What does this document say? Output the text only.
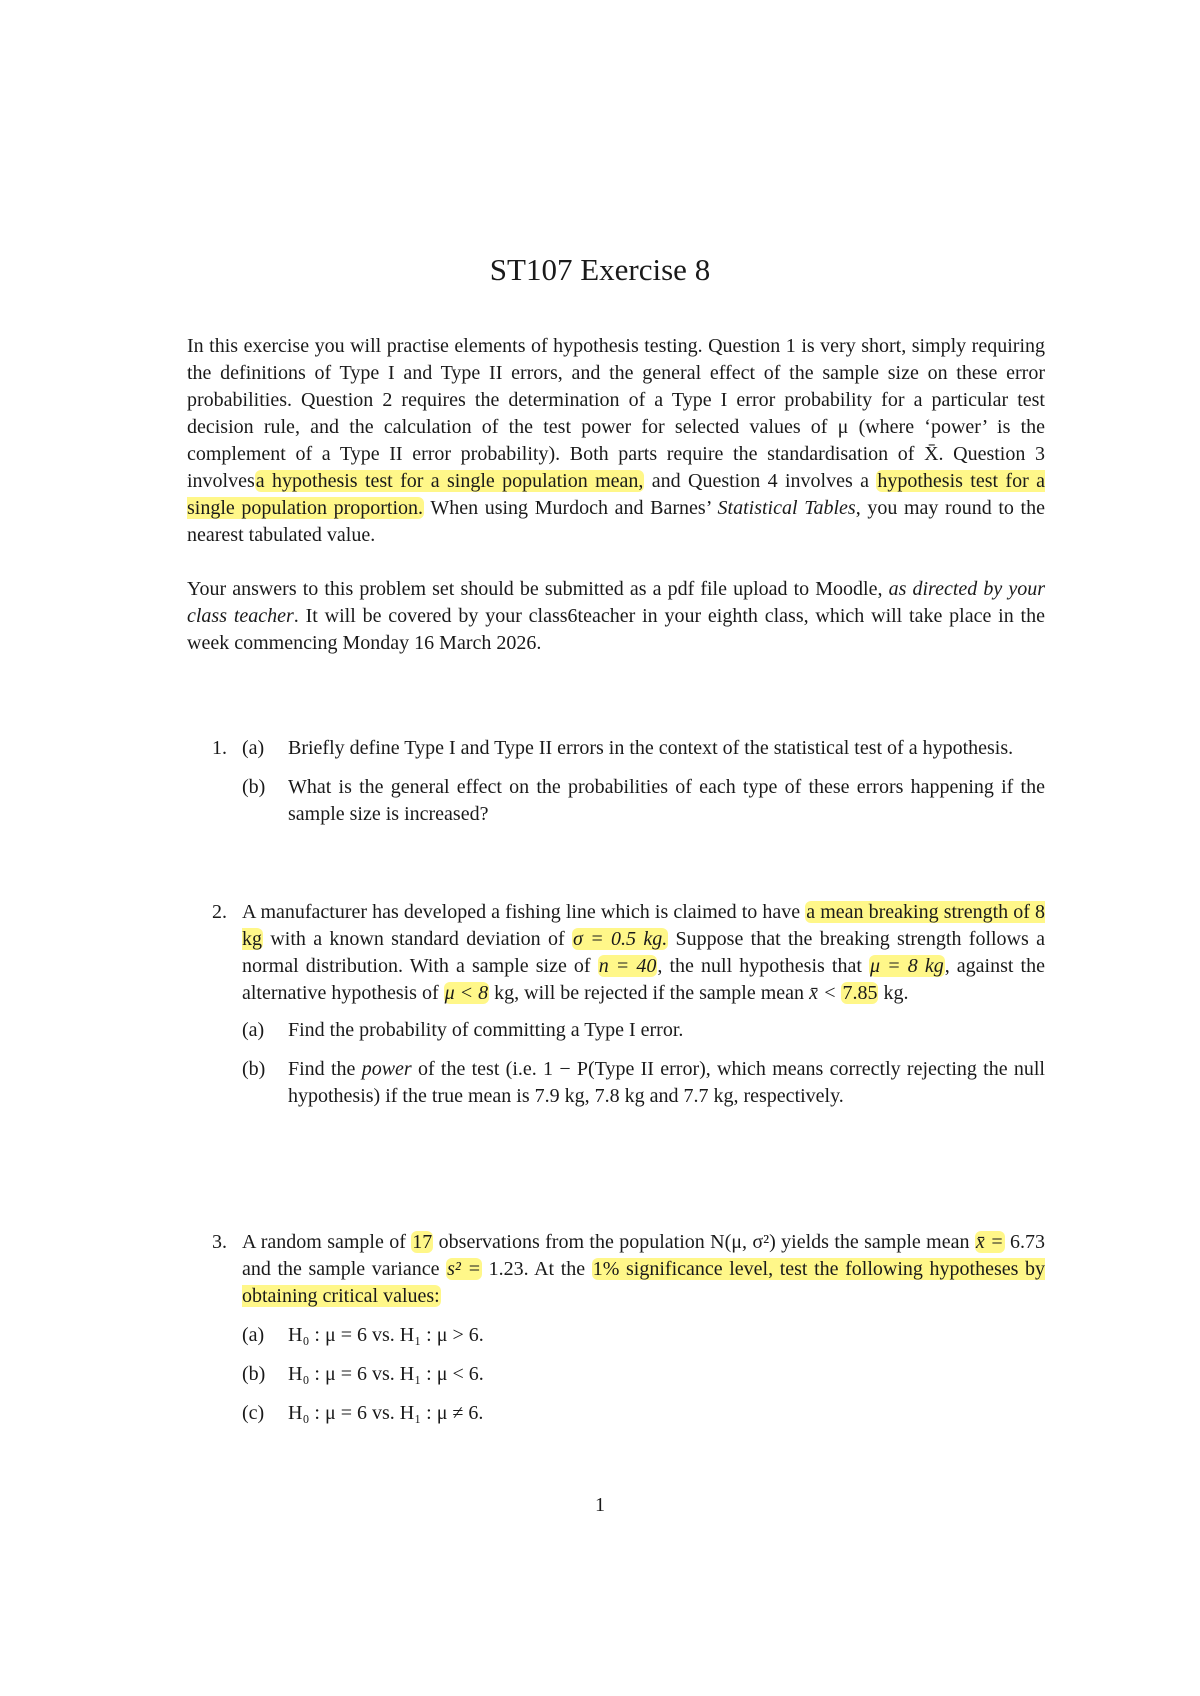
ST107 Exercise 8

In this exercise you will practise elements of hypothesis testing. Question 1 is very short, simply requiring the definitions of Type I and Type II errors, and the general effect of the sample size on these error probabilities. Question 2 requires the determination of a Type I error probability for a particular test decision rule, and the calculation of the test power for selected values of μ (where ‘power’ is the complement of a Type II error probability). Both parts require the standardisation of X̄. Question 3 involvesa hypothesis test for a single population mean, and Question 4 involves a hypothesis test for a single population proportion. When using Murdoch and Barnes’ Statistical Tables, you may round to the nearest tabulated value.

Your answers to this problem set should be submitted as a pdf file upload to Moodle, as directed by your class teacher. It will be covered by your class6teacher in your eighth class, which will take place in the week commencing Monday 16 March 2026.

1. (a) Briefly define Type I and Type II errors in the context of the statistical test of a hypothesis.

(b) What is the general effect on the probabilities of each type of these errors happening if the sample size is increased?

2. A manufacturer has developed a fishing line which is claimed to have a mean breaking strength of 8 kg with a known standard deviation of σ = 0.5 kg. Suppose that the breaking strength follows a normal distribution. With a sample size of n = 40, the null hypothesis that μ = 8 kg, against the alternative hypothesis of μ < 8 kg, will be rejected if the sample mean x̄ < 7.85 kg.

(a) Find the probability of committing a Type I error.

(b) Find the power of the test (i.e. 1 − P(Type II error), which means correctly rejecting the null hypothesis) if the true mean is 7.9 kg, 7.8 kg and 7.7 kg, respectively.

3. A random sample of 17 observations from the population N(μ, σ²) yields the sample mean x̄ = 6.73 and the sample variance s² = 1.23. At the 1% significance level, test the following hypotheses by obtaining critical values:

(a) H₀ : μ = 6 vs. H₁ : μ > 6.

(b) H₀ : μ = 6 vs. H₁ : μ < 6.

(c) H₀ : μ = 6 vs. H₁ : μ ≠ 6.

1
